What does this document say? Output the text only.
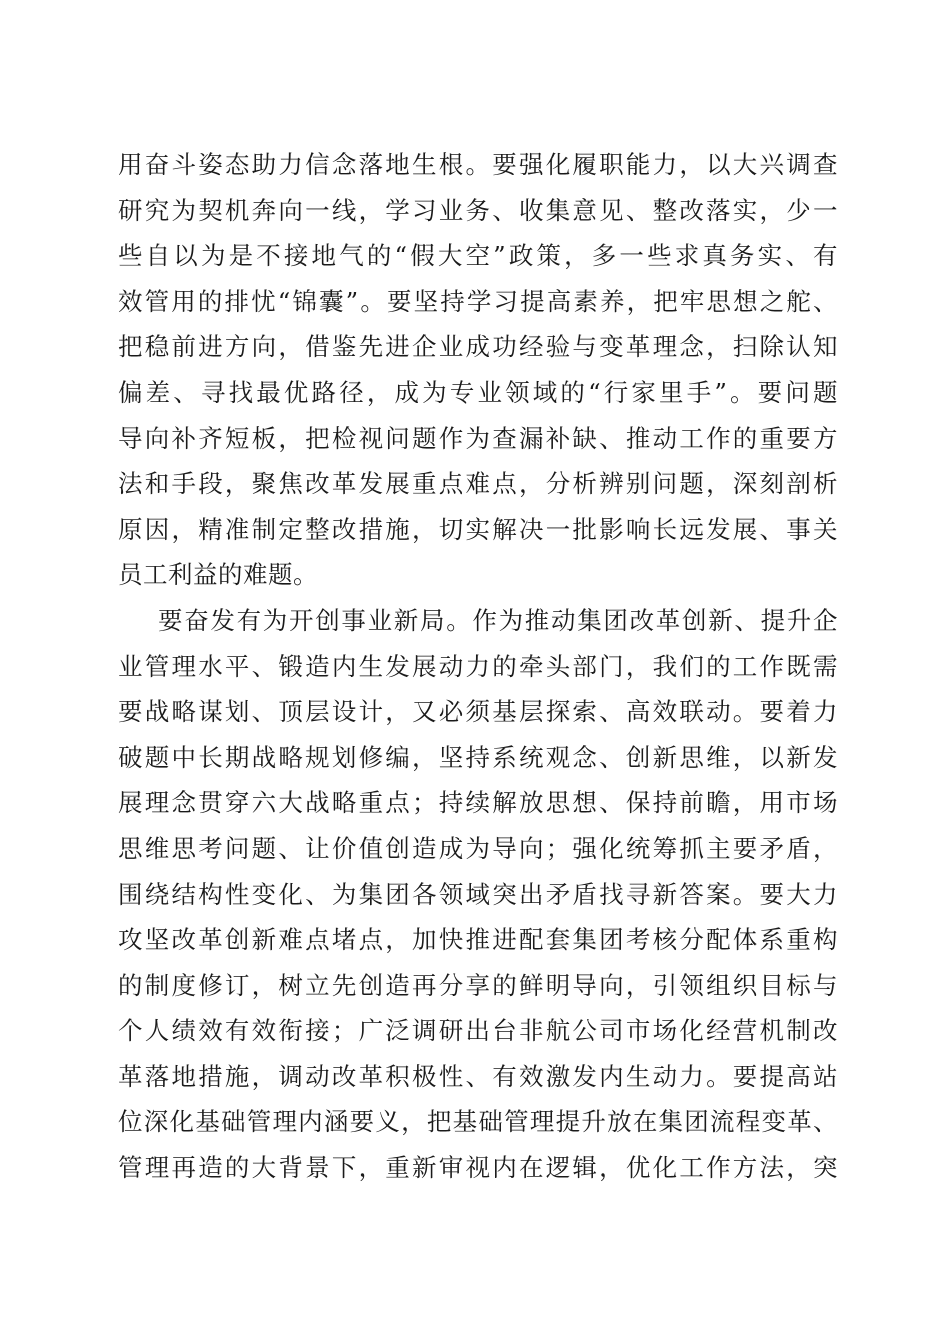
用奋斗姿态助力信念落地生根。要强化履职能力，以大兴调查
研究为契机奔向一线，学习业务、收集意见、整改落实，少一
些自以为是不接地气的“假大空”政策，多一些求真务实、有
效管用的排忧“锦囊”。要坚持学习提高素养，把牢思想之舵、
把稳前进方向，借鉴先进企业成功经验与变革理念，扫除认知
偏差、寻找最优路径，成为专业领域的“行家里手”。要问题
导向补齐短板，把检视问题作为查漏补缺、推动工作的重要方
法和手段，聚焦改革发展重点难点，分析辨别问题，深刻剖析
原因，精准制定整改措施，切实解决一批影响长远发展、事关
员工利益的难题。
要奋发有为开创事业新局。作为推动集团改革创新、提升企
业管理水平、锻造内生发展动力的牵头部门，我们的工作既需
要战略谋划、顶层设计，又必须基层探索、高效联动。要着力
破题中长期战略规划修编，坚持系统观念、创新思维，以新发
展理念贯穿六大战略重点；持续解放思想、保持前瞻，用市场
思维思考问题、让价值创造成为导向；强化统筹抓主要矛盾，
围绕结构性变化、为集团各领域突出矛盾找寻新答案。要大力
攻坚改革创新难点堵点，加快推进配套集团考核分配体系重构
的制度修订，树立先创造再分享的鲜明导向，引领组织目标与
个人绩效有效衔接；广泛调研出台非航公司市场化经营机制改
革落地措施，调动改革积极性、有效激发内生动力。要提高站
位深化基础管理内涵要义，把基础管理提升放在集团流程变革、
管理再造的大背景下，重新审视内在逻辑，优化工作方法，突
